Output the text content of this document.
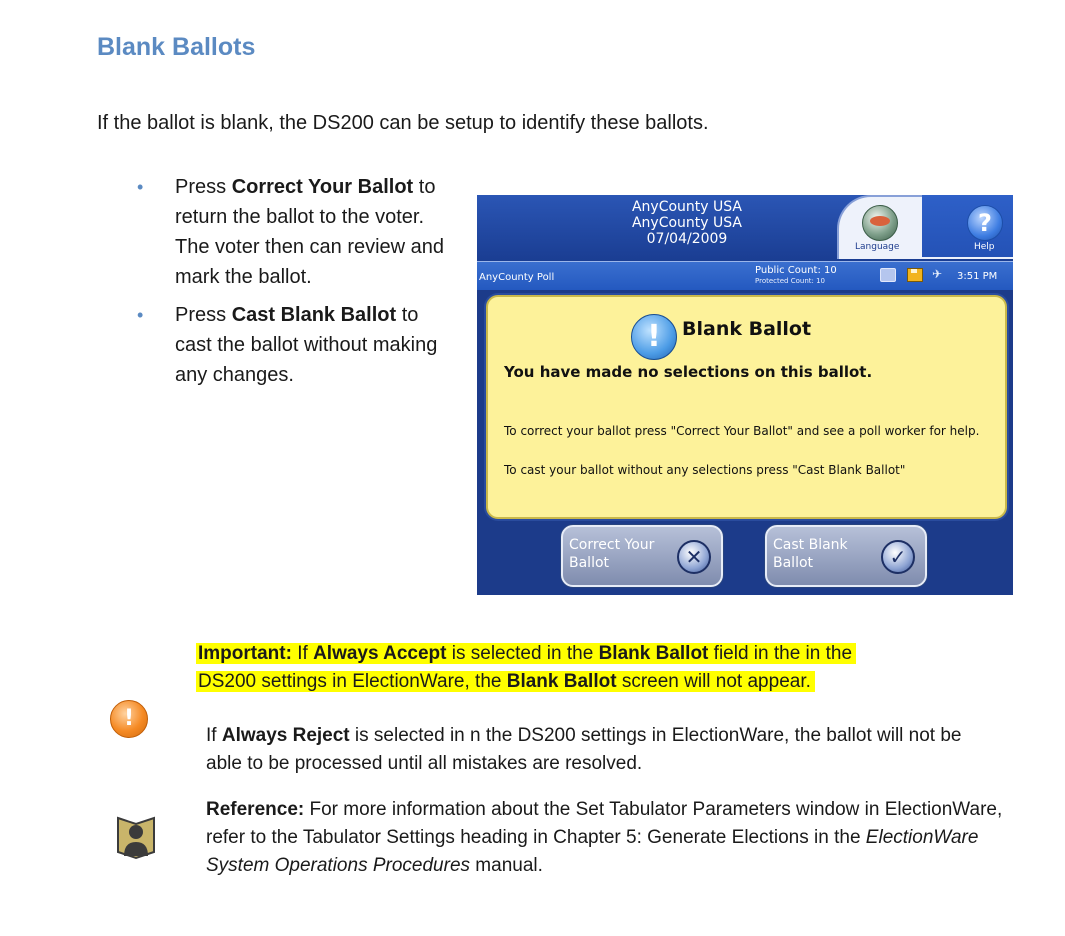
Blank Ballots
If the ballot is blank, the DS200 can be setup to identify these ballots.
• Press Correct Your Ballot to return the ballot to the voter. The voter then can review and mark the ballot.
• Press Cast Blank Ballot to cast the ballot without making any changes.
AnyCounty USA
AnyCounty USA
07/04/2009	Language
?
Help
AnyCounty Poll
Public Count: 10
Protected Count: 10	✈	3:51 PM
!	Blank Ballot
You have made no selections on this ballot.
To correct your ballot press "Correct Your Ballot" and see a poll worker for help.
To cast your ballot without any selections press "Cast Blank Ballot"
Correct Your Ballot	✕	Cast Blank Ballot	✓
Important: If Always Accept is selected in the Blank Ballot field in the in the
DS200 settings in ElectionWare, the Blank Ballot screen will not appear.
!
If Always Reject is selected in n the DS200 settings in ElectionWare, the ballot will not be able to be processed until all mistakes are resolved.
Reference: For more information about the Set Tabulator Parameters window in ElectionWare, refer to the Tabulator Settings heading in Chapter 5: Generate Elections in the ElectionWare System Operations Procedures manual.
